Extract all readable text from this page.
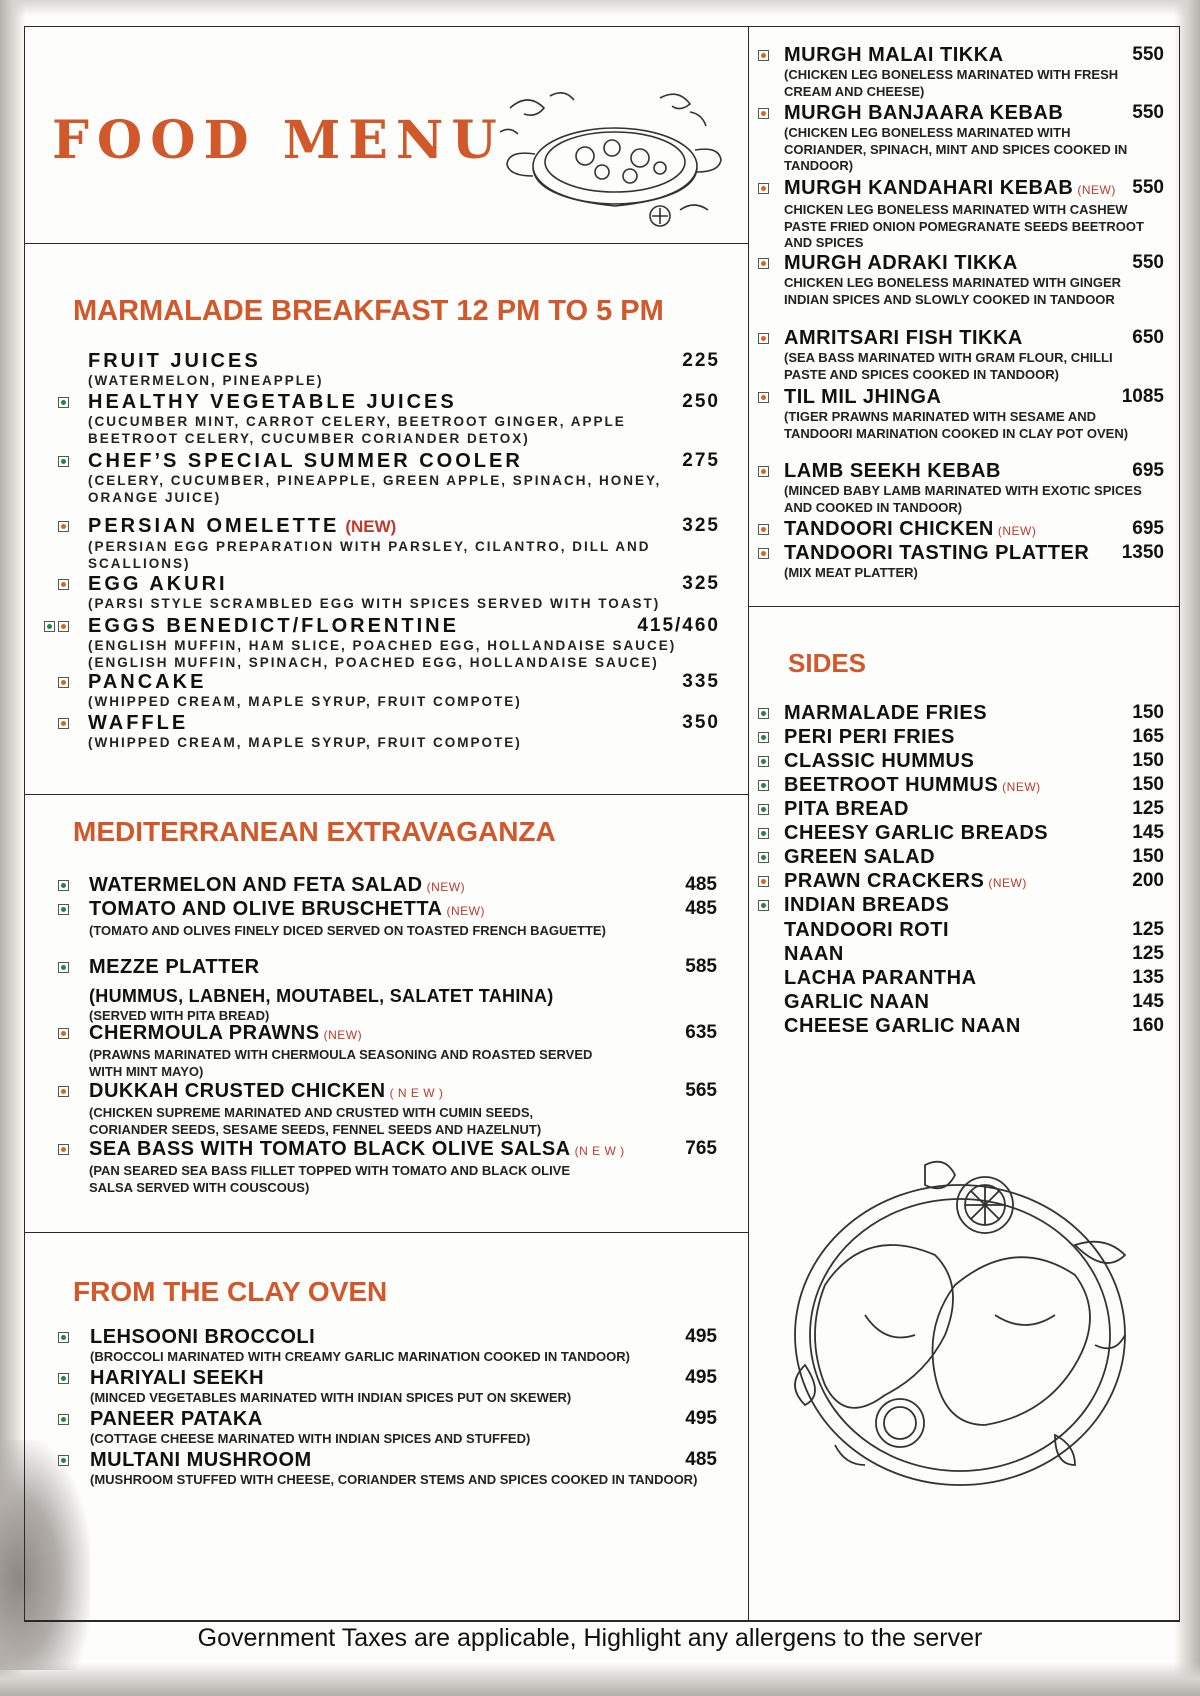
FOOD MENU
MARMALADE BREAKFAST 12 PM TO 5 PM
FRUIT JUICES	225
(WATERMELON, PINEAPPLE)
HEALTHY VEGETABLE JUICES	250
(CUCUMBER MINT, CARROT CELERY, BEETROOT GINGER, APPLE BEETROOT CELERY, CUCUMBER CORIANDER DETOX)
CHEF’S SPECIAL SUMMER COOLER	275
(CELERY, CUCUMBER, PINEAPPLE, GREEN APPLE, SPINACH, HONEY, ORANGE JUICE)
PERSIAN OMELETTE (NEW)	325
(PERSIAN EGG PREPARATION WITH PARSLEY, CILANTRO, DILL AND SCALLIONS)
EGG AKURI	325
(PARSI STYLE SCRAMBLED EGG WITH SPICES SERVED WITH TOAST)
EGGS BENEDICT/FLORENTINE	415/460
(ENGLISH MUFFIN, HAM SLICE, POACHED EGG, HOLLANDAISE SAUCE) (ENGLISH MUFFIN, SPINACH, POACHED EGG, HOLLANDAISE SAUCE)
PANCAKE	335
(WHIPPED CREAM, MAPLE SYRUP, FRUIT COMPOTE)
WAFFLE	350
(WHIPPED CREAM, MAPLE SYRUP, FRUIT COMPOTE)
MEDITERRANEAN EXTRAVAGANZA
WATERMELON AND FETA SALAD (NEW)	485
TOMATO AND OLIVE BRUSCHETTA (NEW)	485
(TOMATO AND OLIVES FINELY DICED SERVED ON TOASTED FRENCH BAGUETTE)
MEZZE PLATTER	585
(HUMMUS, LABNEH, MOUTABEL, SALATET TAHINA)
(SERVED WITH PITA BREAD)
CHERMOULA PRAWNS (NEW)	635
(PRAWNS MARINATED WITH CHERMOULA SEASONING AND ROASTED SERVED WITH MINT MAYO)
DUKKAH CRUSTED CHICKEN ( N E W )	565
(CHICKEN SUPREME MARINATED AND CRUSTED WITH CUMIN SEEDS, CORIANDER SEEDS, SESAME SEEDS, FENNEL SEEDS AND HAZELNUT)
SEA BASS WITH TOMATO BLACK OLIVE SALSA (N E W )	765
(PAN SEARED SEA BASS FILLET TOPPED WITH TOMATO AND BLACK OLIVE SALSA SERVED WITH COUSCOUS)
FROM THE CLAY OVEN
LEHSOONI BROCCOLI	495
(BROCCOLI MARINATED WITH CREAMY GARLIC MARINATION COOKED IN TANDOOR)
HARIYALI SEEKH	495
(MINCED VEGETABLES MARINATED WITH INDIAN SPICES PUT ON SKEWER)
PANEER PATAKA	495
(COTTAGE CHEESE MARINATED WITH INDIAN SPICES AND STUFFED)
MULTANI MUSHROOM	485
(MUSHROOM STUFFED WITH CHEESE, CORIANDER STEMS AND SPICES COOKED IN TANDOOR)
MURGH MALAI TIKKA	550
(CHICKEN LEG BONELESS MARINATED WITH FRESH CREAM AND CHEESE)
MURGH BANJAARA KEBAB	550
(CHICKEN LEG BONELESS MARINATED WITH CORIANDER, SPINACH, MINT AND SPICES COOKED IN TANDOOR)
MURGH KANDAHARI KEBAB (NEW) 550
CHICKEN LEG BONELESS MARINATED WITH CASHEW PASTE FRIED ONION POMEGRANATE SEEDS BEETROOT AND SPICES
MURGH ADRAKI TIKKA	550
CHICKEN LEG BONELESS MARINATED WITH GINGER INDIAN SPICES AND SLOWLY COOKED IN TANDOOR
AMRITSARI FISH TIKKA	650
(SEA BASS MARINATED WITH GRAM FLOUR, CHILLI PASTE AND SPICES COOKED IN TANDOOR)
TIL MIL JHINGA	1085
(TIGER PRAWNS MARINATED WITH SESAME AND TANDOORI MARINATION COOKED IN CLAY POT OVEN)
LAMB SEEKH KEBAB	695
(MINCED BABY LAMB MARINATED WITH EXOTIC SPICES AND COOKED IN TANDOOR)
TANDOORI CHICKEN (NEW)	695
TANDOORI TASTING PLATTER	1350
(MIX MEAT PLATTER)
SIDES
MARMALADE FRIES	150
PERI PERI FRIES	165
CLASSIC HUMMUS	150
BEETROOT HUMMUS (NEW)	150
PITA BREAD	125
CHEESY GARLIC BREADS	145
GREEN SALAD	150
PRAWN CRACKERS (NEW)	200
INDIAN BREADS
TANDOORI ROTI	125
NAAN	125
LACHA PARANTHA	135
GARLIC NAAN	145
CHEESE GARLIC NAAN	160
Government Taxes are applicable, Highlight any allergens to the server
